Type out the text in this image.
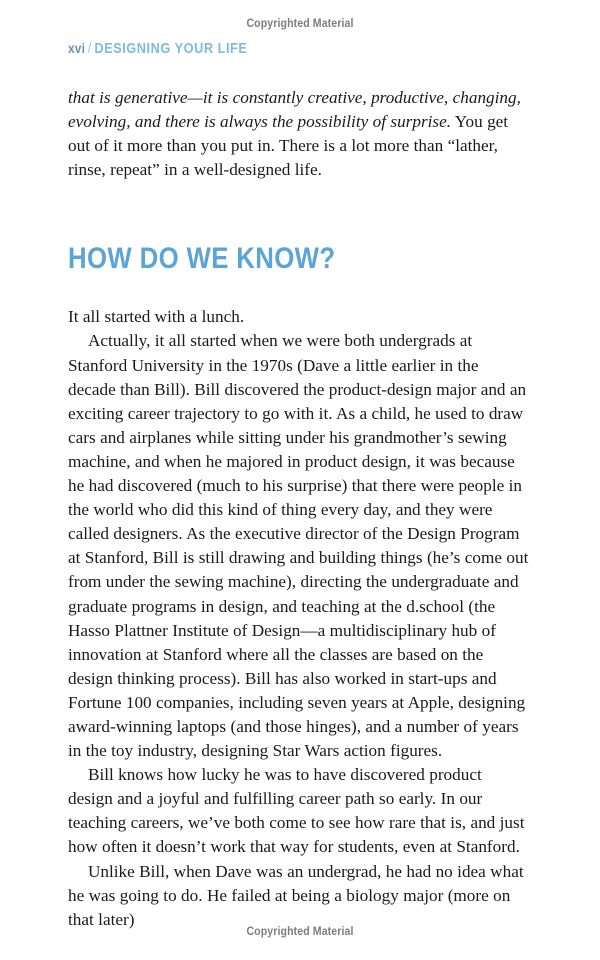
Copyrighted Material
xvi / DESIGNING YOUR LIFE

that is generative—it is constantly creative, productive, changing, evolving, and there is always the possibility of surprise. You get out of it more than you put in. There is a lot more than “lather, rinse, repeat” in a well-designed life.

HOW DO WE KNOW?

It all started with a lunch.

Actually, it all started when we were both undergrads at Stanford University in the 1970s (Dave a little earlier in the decade than Bill). Bill discovered the product-design major and an exciting career trajectory to go with it. As a child, he used to draw cars and airplanes while sitting under his grandmother’s sewing machine, and when he majored in product design, it was because he had discovered (much to his surprise) that there were people in the world who did this kind of thing every day, and they were called designers. As the executive director of the Design Program at Stanford, Bill is still drawing and building things (he’s come out from under the sewing machine), directing the undergraduate and graduate programs in design, and teaching at the d.school (the Hasso Plattner Institute of Design—a multidisciplinary hub of innovation at Stanford where all the classes are based on the design thinking process). Bill has also worked in start-ups and Fortune 100 companies, including seven years at Apple, designing award-winning laptops (and those hinges), and a number of years in the toy industry, designing Star Wars action figures.

Bill knows how lucky he was to have discovered product design and a joyful and fulfilling career path so early. In our teaching careers, we’ve both come to see how rare that is, and just how often it doesn’t work that way for students, even at Stanford.

Unlike Bill, when Dave was an undergrad, he had no idea what he was going to do. He failed at being a biology major (more on that later)

Copyrighted Material
